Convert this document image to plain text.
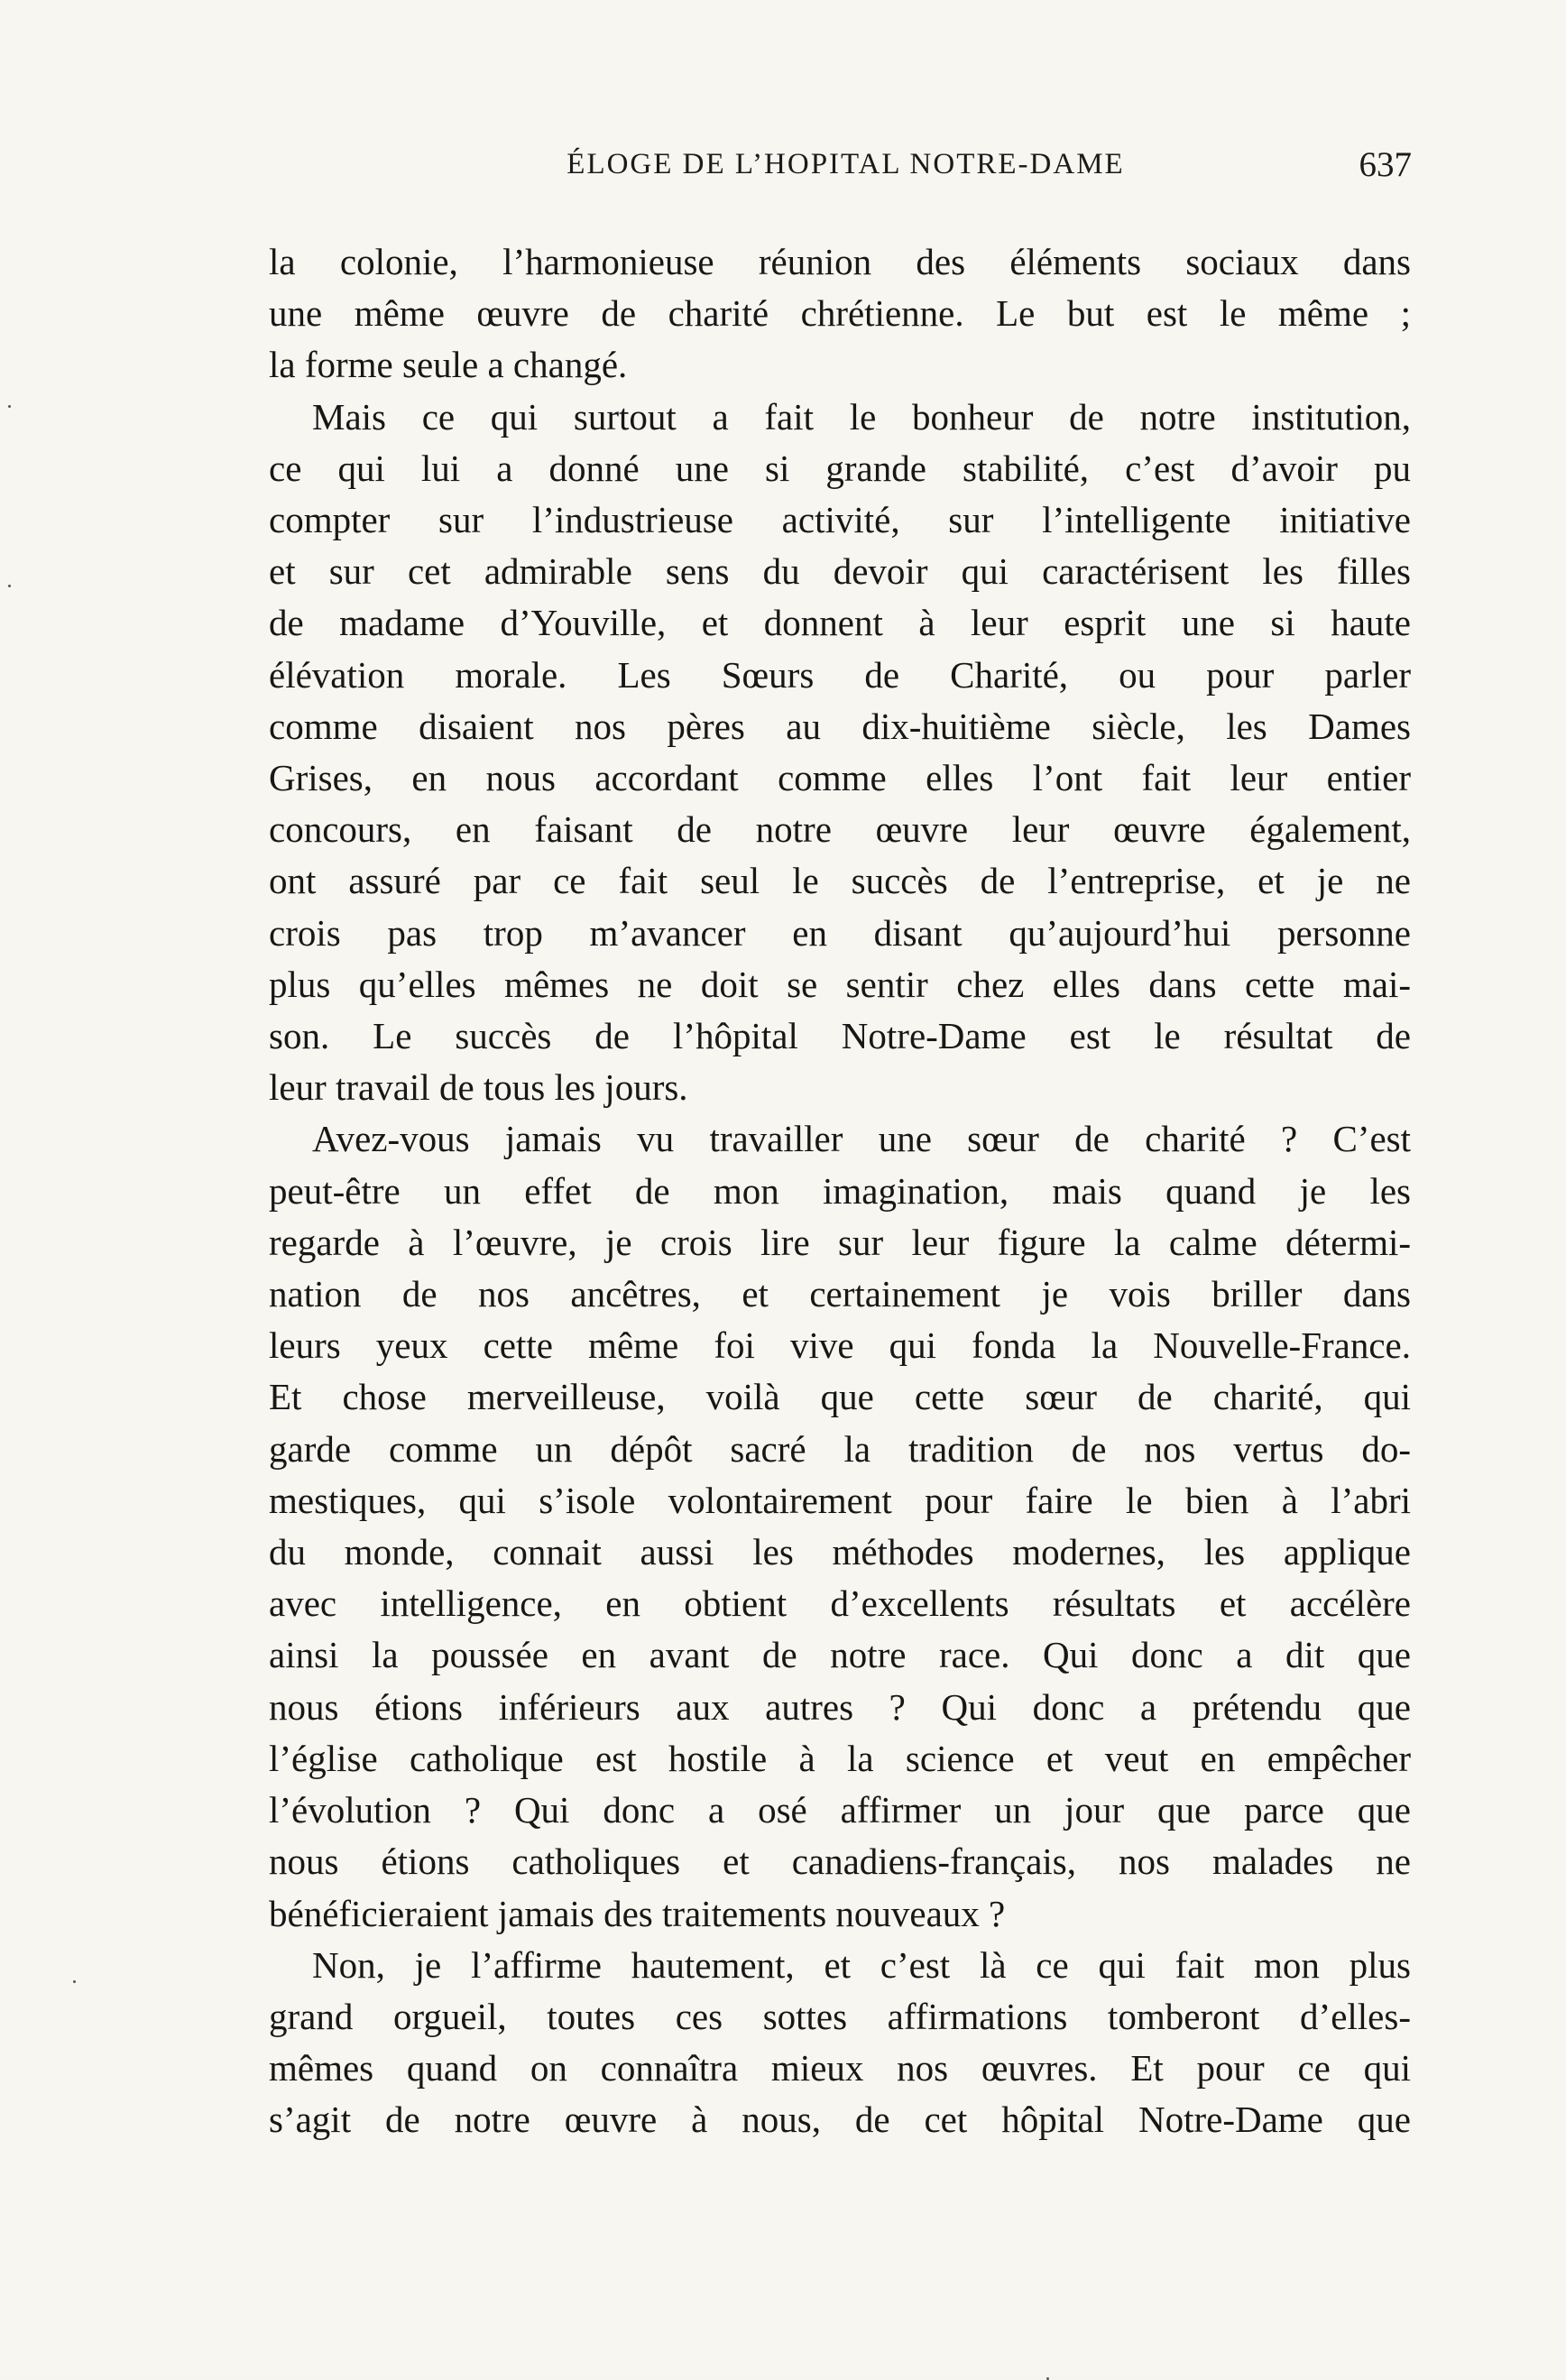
ÉLOGE DE L’HOPITAL NOTRE-DAME	637

la colonie, l’harmonieuse réunion des éléments sociaux dans
une même œuvre de charité chrétienne. Le but est le même ;
la forme seule a changé.

Mais ce qui surtout a fait le bonheur de notre institution,
ce qui lui a donné une si grande stabilité, c’est d’avoir pu
compter sur l’industrieuse activité, sur l’intelligente initiative
et sur cet admirable sens du devoir qui caractérisent les filles
de madame d’Youville, et donnent à leur esprit une si haute
élévation morale. Les Sœurs de Charité, ou pour parler
comme disaient nos pères au dix-huitième siècle, les Dames
Grises, en nous accordant comme elles l’ont fait leur entier
concours, en faisant de notre œuvre leur œuvre également,
ont assuré par ce fait seul le succès de l’entreprise, et je ne
crois pas trop m’avancer en disant qu’aujourd’hui personne
plus qu’elles mêmes ne doit se sentir chez elles dans cette mai-
son. Le succès de l’hôpital Notre-Dame est le résultat de
leur travail de tous les jours.

Avez-vous jamais vu travailler une sœur de charité ? C’est
peut-être un effet de mon imagination, mais quand je les
regarde à l’œuvre, je crois lire sur leur figure la calme détermi-
nation de nos ancêtres, et certainement je vois briller dans
leurs yeux cette même foi vive qui fonda la Nouvelle-France.
Et chose merveilleuse, voilà que cette sœur de charité, qui
garde comme un dépôt sacré la tradition de nos vertus do-
mestiques, qui s’isole volontairement pour faire le bien à l’abri
du monde, connait aussi les méthodes modernes, les applique
avec intelligence, en obtient d’excellents résultats et accélère
ainsi la poussée en avant de notre race. Qui donc a dit que
nous étions inférieurs aux autres ? Qui donc a prétendu que
l’église catholique est hostile à la science et veut en empêcher
l’évolution ? Qui donc a osé affirmer un jour que parce que
nous étions catholiques et canadiens-français, nos malades ne
bénéficieraient jamais des traitements nouveaux ?

Non, je l’affirme hautement, et c’est là ce qui fait mon plus
grand orgueil, toutes ces sottes affirmations tomberont d’elles-
mêmes quand on connaîtra mieux nos œuvres. Et pour ce qui
s’agit de notre œuvre à nous, de cet hôpital Notre-Dame que
